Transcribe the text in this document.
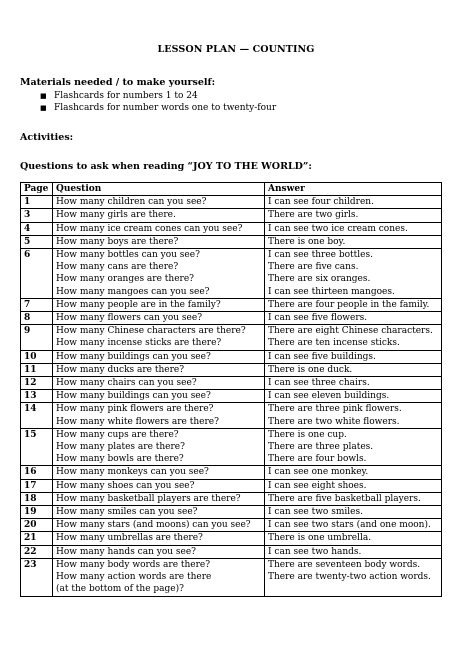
LESSON PLAN — COUNTING

Materials needed / to make yourself:

■ Flashcards for numbers 1 to 24
■ Flashcards for number words one to twenty-four

Activities:

Questions to ask when reading “JOY TO THE WORLD”:

Page	Question	Answer
1	How many children can you see?	I can see four children.

3	How many girls are there.	There are two girls.

4	How many ice cream cones can you see?	I can see two ice cream cones.

5	How many boys are there?	There is one boy.

6	How many bottles can you see?
How many cans are there?
How many oranges are there?
How many mangoes can you see?	I can see three bottles.
There are five cans.
There are six oranges.
I can see thirteen mangoes.

7	How many people are in the family?	There are four people in the family.

8	How many flowers can you see?	I can see five flowers.

9	How many Chinese characters are there?
How many incense sticks are there?	There are eight Chinese characters.
There are ten incense sticks.

10	How many buildings can you see?	I can see five buildings.

11	How many ducks are there?	There is one duck.

12	How many chairs can you see?	I can see three chairs.

13	How many buildings can you see?	I can see eleven buildings.

14	How many pink flowers are there?
How many white flowers are there?	There are three pink flowers.
There are two white flowers.

15	How many cups are there?
How many plates are there?
How many bowls are there?	There is one cup.
There are three plates.
There are four bowls.

16	How many monkeys can you see?	I can see one monkey.

17	How many shoes can you see?	I can see eight shoes.

18	How many basketball players are there?	There are five basketball players.

19	How many smiles can you see?	I can see two smiles.

20	How many stars (and moons) can you see?	I can see two stars (and one moon).

21	How many umbrellas are there?	There is one umbrella.

22	How many hands can you see?	I can see two hands.

23	How many body words are there?
How many action words are there
(at the bottom of the page)?	There are seventeen body words.
There are twenty-two action words.
